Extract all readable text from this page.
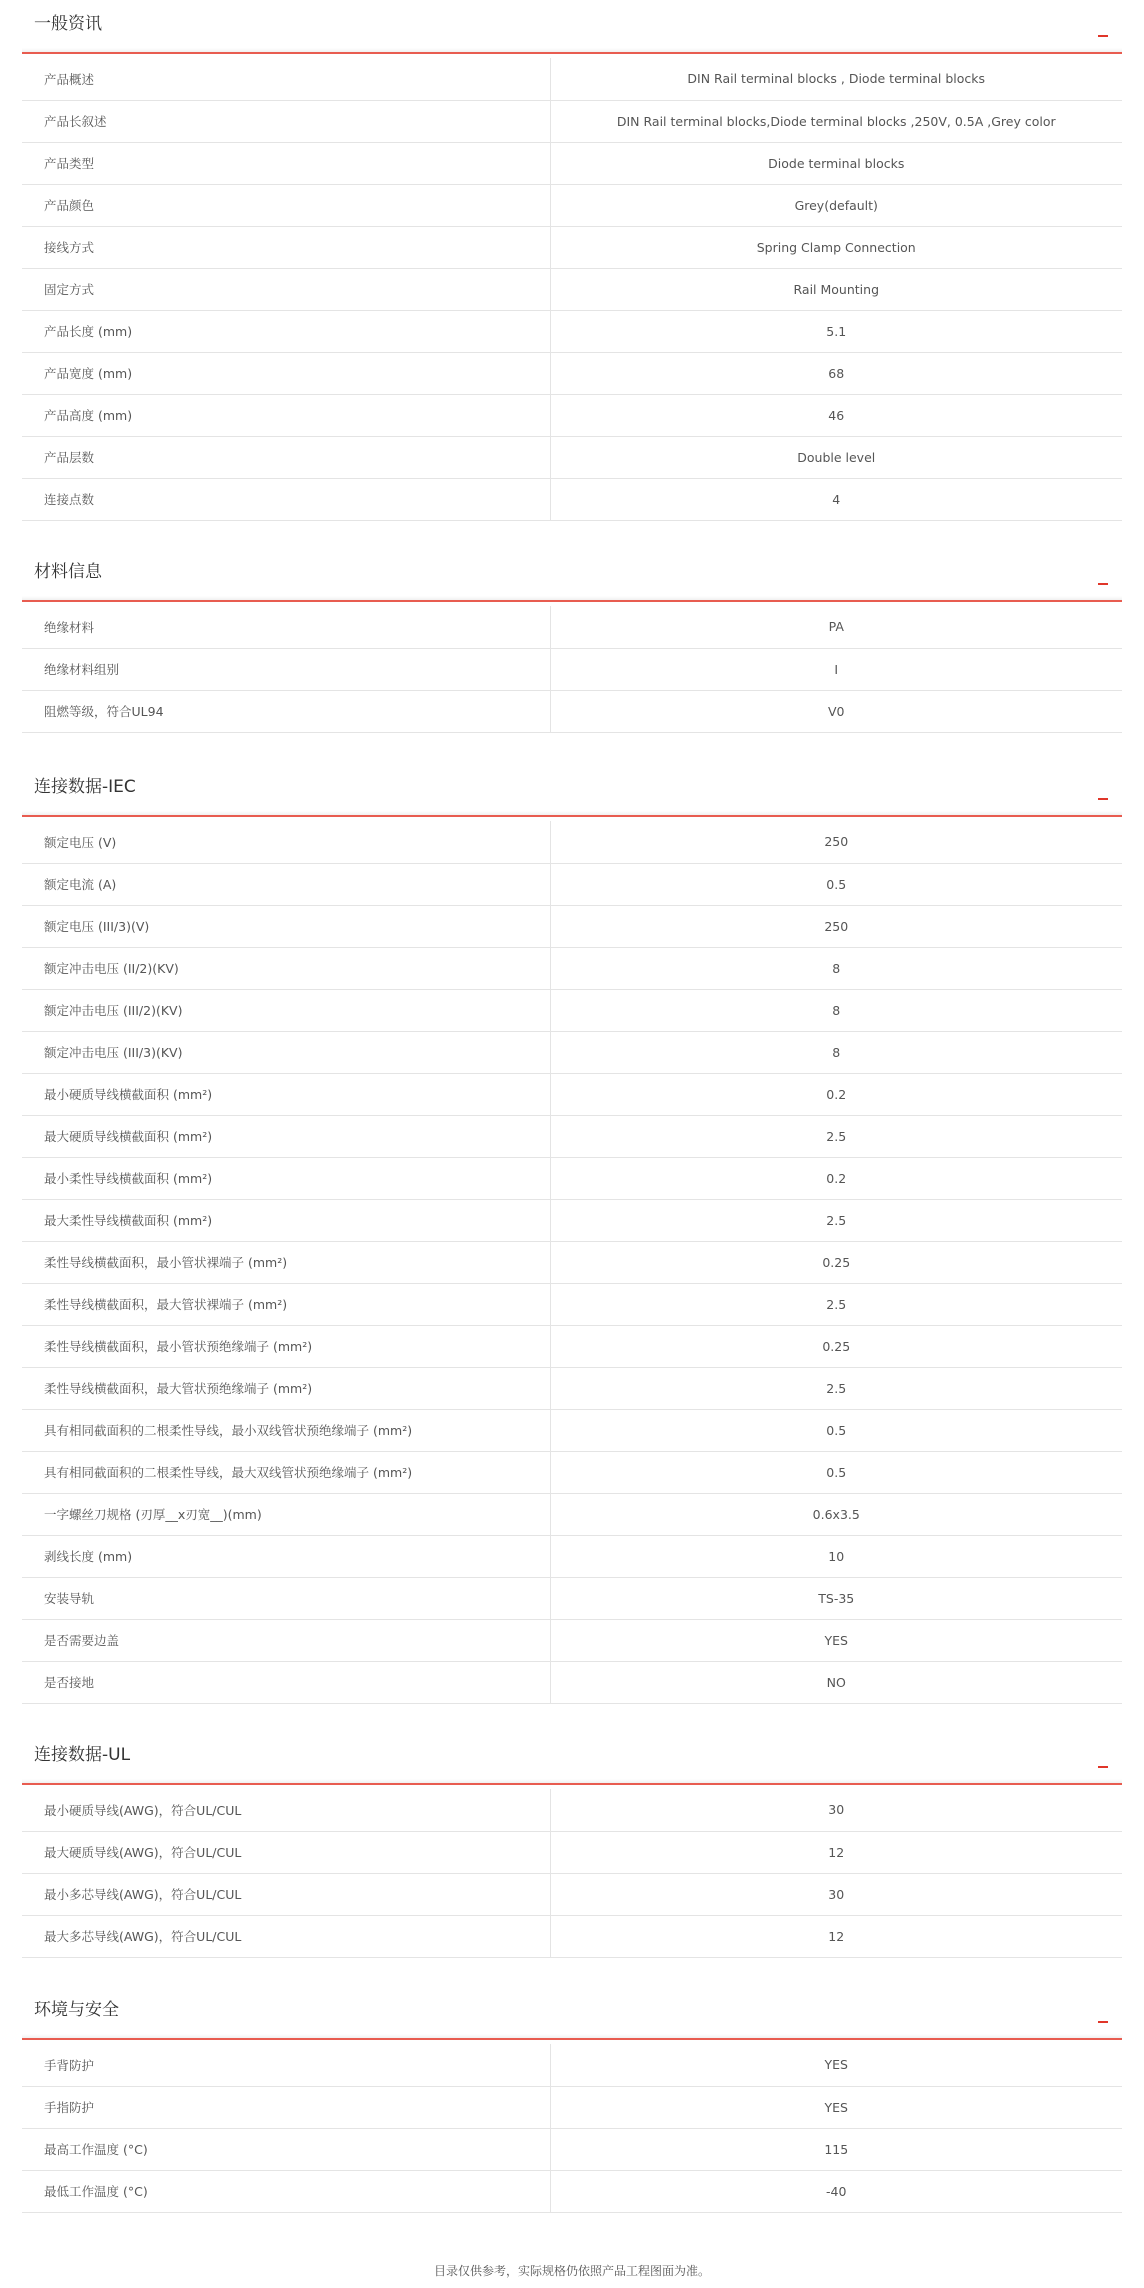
一般资讯
产品概述	DIN Rail terminal blocks , Diode terminal blocks
产品长叙述	DIN Rail terminal blocks,Diode terminal blocks ,250V, 0.5A ,Grey color
产品类型	Diode terminal blocks
产品颜色	Grey(default)
接线方式	Spring Clamp Connection
固定方式	Rail Mounting
产品长度 (mm)	5.1
产品宽度 (mm)	68
产品高度 (mm)	46
产品层数	Double level
连接点数	4
材料信息
绝缘材料	PA
绝缘材料组别	I
阻燃等级，符合UL94	V0
连接数据-IEC
额定电压 (V)	250
额定电流 (A)	0.5
额定电压 (III/3)(V)	250
额定冲击电压 (II/2)(KV)	8
额定冲击电压 (III/2)(KV)	8
额定冲击电压 (III/3)(KV)	8
最小硬质导线横截面积 (mm²)	0.2
最大硬质导线横截面积 (mm²)	2.5
最小柔性导线横截面积 (mm²)	0.2
最大柔性导线横截面积 (mm²)	2.5
柔性导线横截面积，最小管状裸端子 (mm²)	0.25
柔性导线横截面积，最大管状裸端子 (mm²)	2.5
柔性导线横截面积，最小管状预绝缘端子 (mm²)	0.25
柔性导线横截面积，最大管状预绝缘端子 (mm²)	2.5
具有相同截面积的二根柔性导线，最小双线管状预绝缘端子 (mm²)	0.5
具有相同截面积的二根柔性导线，最大双线管状预绝缘端子 (mm²)	0.5
一字螺丝刀规格 (刃厚__x刃宽__)(mm)	0.6x3.5
剥线长度 (mm)	10
安装导轨	TS-35
是否需要边盖	YES
是否接地	NO
连接数据-UL
最小硬质导线(AWG)，符合UL/CUL	30
最大硬质导线(AWG)，符合UL/CUL	12
最小多芯导线(AWG)，符合UL/CUL	30
最大多芯导线(AWG)，符合UL/CUL	12
环境与安全
手背防护	YES
手指防护	YES
最高工作温度 (°C)	115
最低工作温度 (°C)	-40
目录仅供参考，实际规格仍依照产品工程图面为准。
